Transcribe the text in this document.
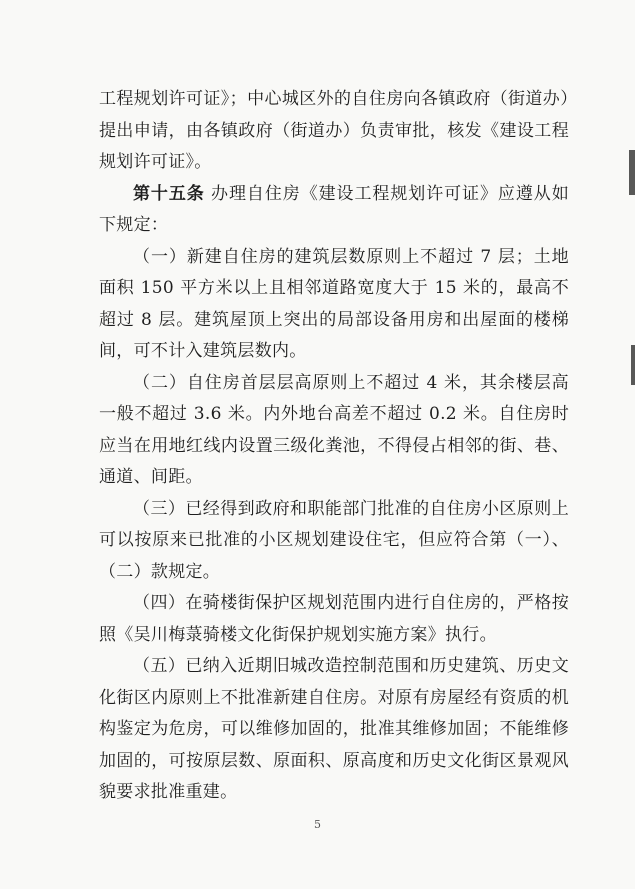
工程规划许可证》；中心城区外的自住房向各镇政府（街道办）提出申请，由各镇政府（街道办）负责审批，核发《建设工程规划许可证》。

第十五条 办理自住房《建设工程规划许可证》应遵从如下规定：

（一）新建自住房的建筑层数原则上不超过 7 层；土地面积 150 平方米以上且相邻道路宽度大于 15 米的，最高不超过 8 层。建筑屋顶上突出的局部设备用房和出屋面的楼梯间，可不计入建筑层数内。

（二）自住房首层层高原则上不超过 4 米，其余楼层高一般不超过 3.6 米。内外地台高差不超过 0.2 米。自住房时应当在用地红线内设置三级化粪池，不得侵占相邻的街、巷、通道、间距。

（三）已经得到政府和职能部门批准的自住房小区原则上可以按原来已批准的小区规划建设住宅，但应符合第（一）、（二）款规定。

（四）在骑楼街保护区规划范围内进行自住房的，严格按照《吴川梅菉骑楼文化街保护规划实施方案》执行。

（五）已纳入近期旧城改造控制范围和历史建筑、历史文化街区内原则上不批准新建自住房。对原有房屋经有资质的机构鉴定为危房，可以维修加固的，批准其维修加固；不能维修加固的，可按原层数、原面积、原高度和历史文化街区景观风貌要求批准重建。

5
